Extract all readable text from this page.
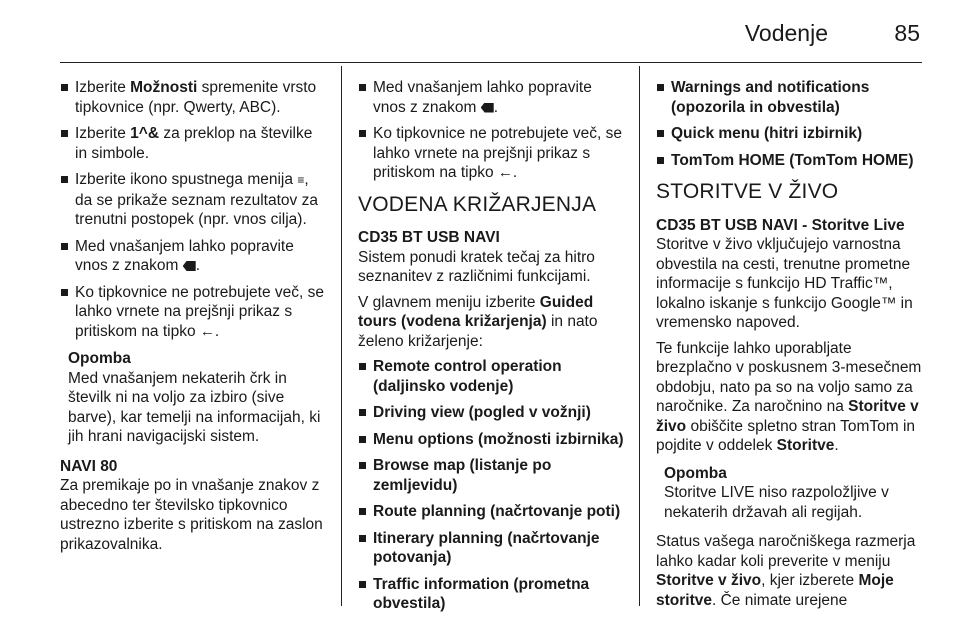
Vodenje	85
Izberite Možnosti spremenite vrsto tipkovnice (npr. Qwerty, ABC).
Izberite 1^& za preklop na številke in simbole.
Izberite ikono spustnega menija ≡, da se prikaže seznam rezultatov za trenutni postopek (npr. vnos cilja).
Med vnašanjem lahko popravite vnos z znakom .
Ko tipkovnice ne potrebujete več, se lahko vrnete na prejšnji prikaz s pritiskom na tipko ←.
Opomba
Med vnašanjem nekaterih črk in številk ni na voljo za izbiro (sive barve), kar temelji na informacijah, ki jih hrani navigacijski sistem.
NAVI 80

Za premikaje po in vnašanje znakov z abecedno ter številsko tipkovnico ustrezno izberite s pritiskom na zaslon prikazovalnika.

Med vnašanjem lahko popravite vnos z znakom .
Ko tipkovnice ne potrebujete več, se lahko vrnete na prejšnji prikaz s pritiskom na tipko ←.
VODENA KRIŽARJENJA
CD35 BT USB NAVI

Sistem ponudi kratek tečaj za hitro seznanitev z različnimi funkcijami.

V glavnem meniju izberite Guided tours (vodena križarjenja) in nato želeno križarjenje:

Remote control operation (daljinsko vodenje)
Driving view (pogled v vožnji)
Menu options (možnosti izbirnika)
Browse map (listanje po zemljevidu)
Route planning (načrtovanje poti)
Itinerary planning (načrtovanje potovanja)
Traffic information (prometna obvestila)
Warnings and notifications (opozorila in obvestila)
Quick menu (hitri izbirnik)
TomTom HOME (TomTom HOME)
STORITVE V ŽIVO
CD35 BT USB NAVI - Storitve Live

Storitve v živo vključujejo varnostna obvestila na cesti, trenutne prometne informacije s funkcijo HD Traffic™, lokalno iskanje s funkcijo Google™ in vremensko napoved.

Te funkcije lahko uporabljate brezplačno v poskusnem 3-mesečnem obdobju, nato pa so na voljo samo za naročnike. Za naročnino na Storitve v živo obiščite spletno stran TomTom in pojdite v oddelek Storitve.

Opomba
Storitve LIVE niso razpoložljive v nekaterih državah ali regijah.

Status vašega naročniškega razmerja lahko kadar koli preverite v meniju Storitve v živo, kjer izberete Moje storitve. Če nimate urejene
